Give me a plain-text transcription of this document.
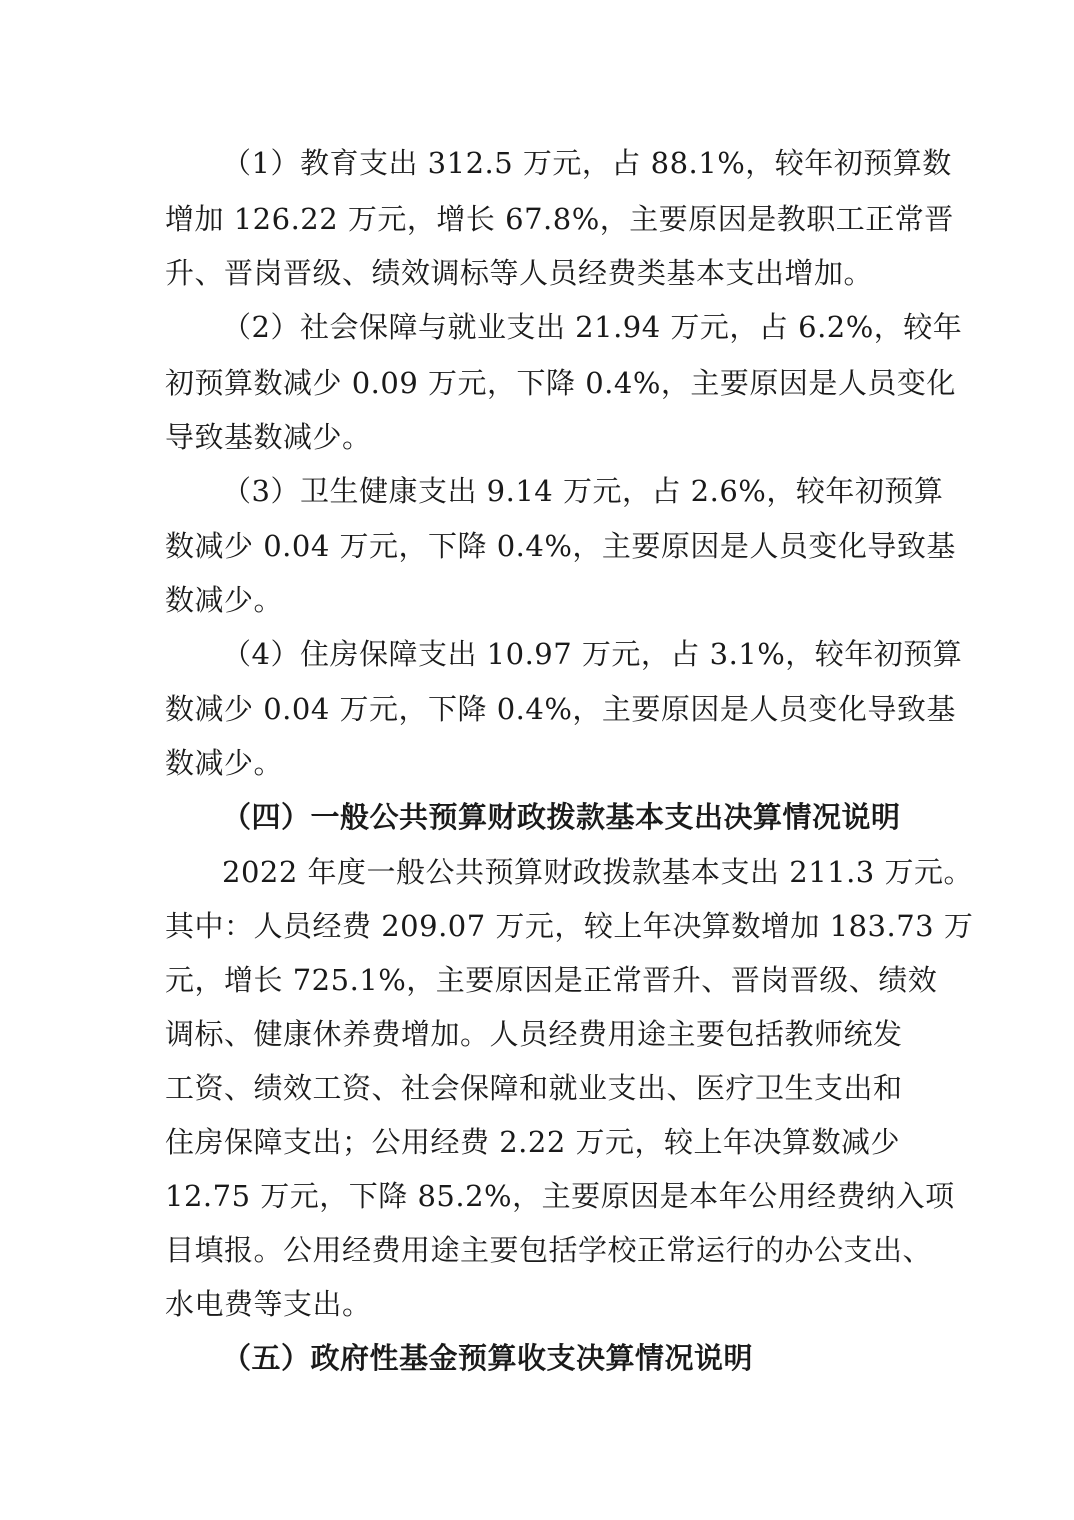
（1）教育支出 312.5 万元，占 88.1%，较年初预算数
增加 126.22 万元，增长 67.8%，主要原因是教职工正常晋
升、晋岗晋级、绩效调标等人员经费类基本支出增加。
（2）社会保障与就业支出 21.94 万元，占 6.2%，较年
初预算数减少 0.09 万元，下降 0.4%，主要原因是人员变化
导致基数减少。
（3）卫生健康支出 9.14 万元，占 2.6%，较年初预算
数减少 0.04 万元，下降 0.4%，主要原因是人员变化导致基
数减少。
（4）住房保障支出 10.97 万元，占 3.1%，较年初预算
数减少 0.04 万元，下降 0.4%，主要原因是人员变化导致基
数减少。
（四）一般公共预算财政拨款基本支出决算情况说明
2022 年度一般公共预算财政拨款基本支出 211.3 万元。
其中：人员经费 209.07 万元，较上年决算数增加 183.73 万
元，增长 725.1%，主要原因是正常晋升、晋岗晋级、绩效
调标、健康休养费增加。人员经费用途主要包括教师统发
工资、绩效工资、社会保障和就业支出、医疗卫生支出和
住房保障支出；公用经费 2.22 万元，较上年决算数减少
12.75 万元，下降 85.2%，主要原因是本年公用经费纳入项
目填报。公用经费用途主要包括学校正常运行的办公支出、
水电费等支出。
（五）政府性基金预算收支决算情况说明
